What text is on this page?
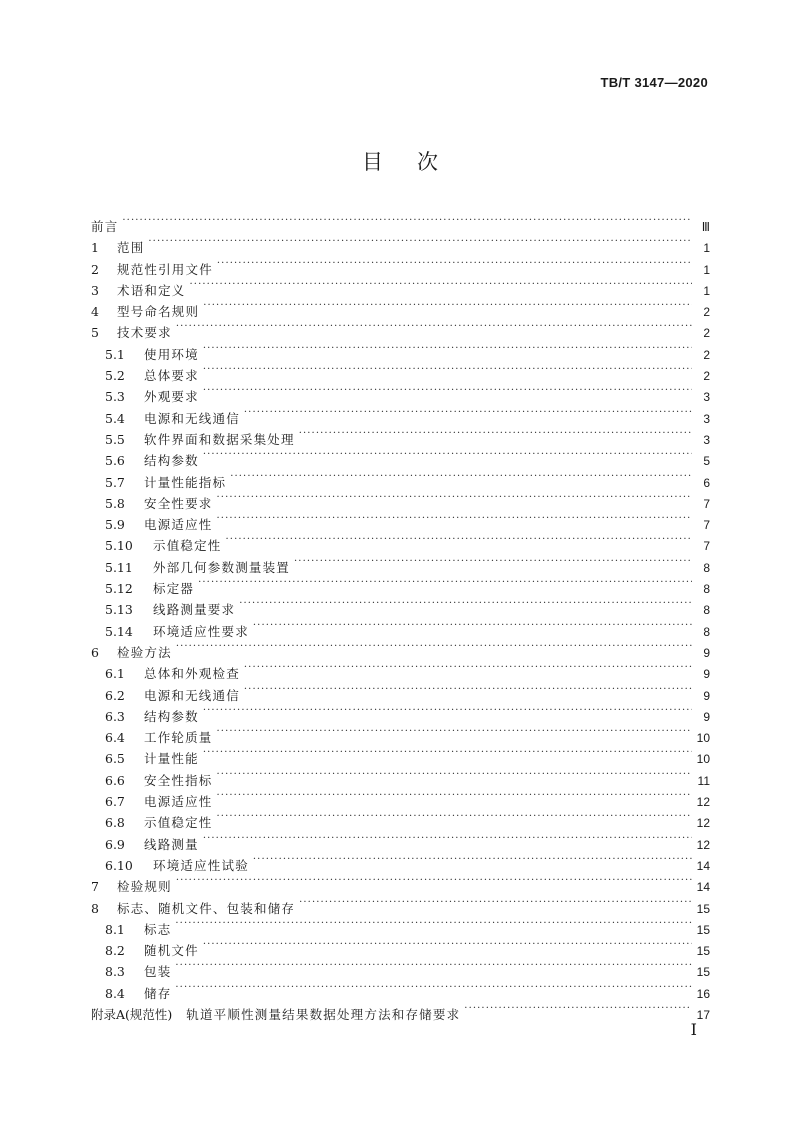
TB/T 3147—2020
目次
前言 ·····	Ⅲ
1	范围 ·····	1
2	规范性引用文件 ·····	1
3	术语和定义 ·····	1
4	型号命名规则 ·····	2
5	技术要求 ·····	2
5.1	使用环境 ·····	2
5.2	总体要求 ·····	2
5.3	外观要求 ·····	3
5.4	电源和无线通信 ·····	3
5.5	软件界面和数据采集处理 ·····	3
5.6	结构参数 ·····	5
5.7	计量性能指标 ·····	6
5.8	安全性要求 ·····	7
5.9	电源适应性 ·····	7
5.10	示值稳定性 ·····	7
5.11	外部几何参数测量装置 ·····	8
5.12	标定器 ·····	8
5.13	线路测量要求 ·····	8
5.14	环境适应性要求 ·····	8
6	检验方法 ·····	9
6.1	总体和外观检查 ·····	9
6.2	电源和无线通信 ·····	9
6.3	结构参数 ·····	9
6.4	工作轮质量 ·····	10
6.5	计量性能 ·····	10
6.6	安全性指标 ·····	11
6.7	电源适应性 ·····	12
6.8	示值稳定性 ·····	12
6.9	线路测量 ·····	12
6.10	环境适应性试验 ·····	14
7	检验规则 ·····	14
8	标志、随机文件、包装和储存 ·····	15
8.1	标志 ·····	15
8.2	随机文件 ·····	15
8.3	包装 ·····	15
8.4	储存 ·····	16
附录A(规范性) 轨道平顺性测量结果数据处理方法和存储要求 ·····	17
I
